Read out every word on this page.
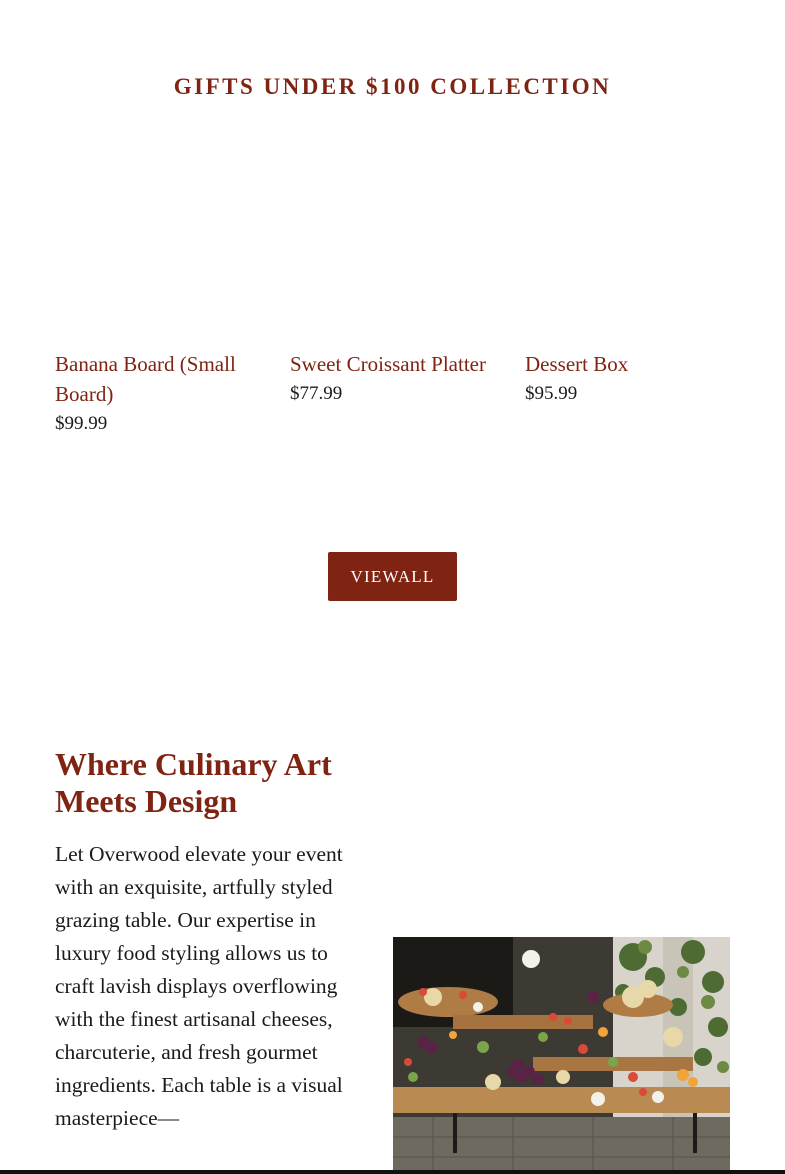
GIFTS UNDER $100 COLLECTION
Banana Board (Small Board)
$99.99
Sweet Croissant Platter
$77.99
Dessert Box
$95.99
VIEWALL
Where Culinary Art Meets Design

Let Overwood elevate your event with an exquisite, artfully styled grazing table. Our expertise in luxury food styling allows us to craft lavish displays overflowing with the finest artisanal cheeses, charcuterie, and fresh gourmet ingredients. Each table is a visual masterpiece—
